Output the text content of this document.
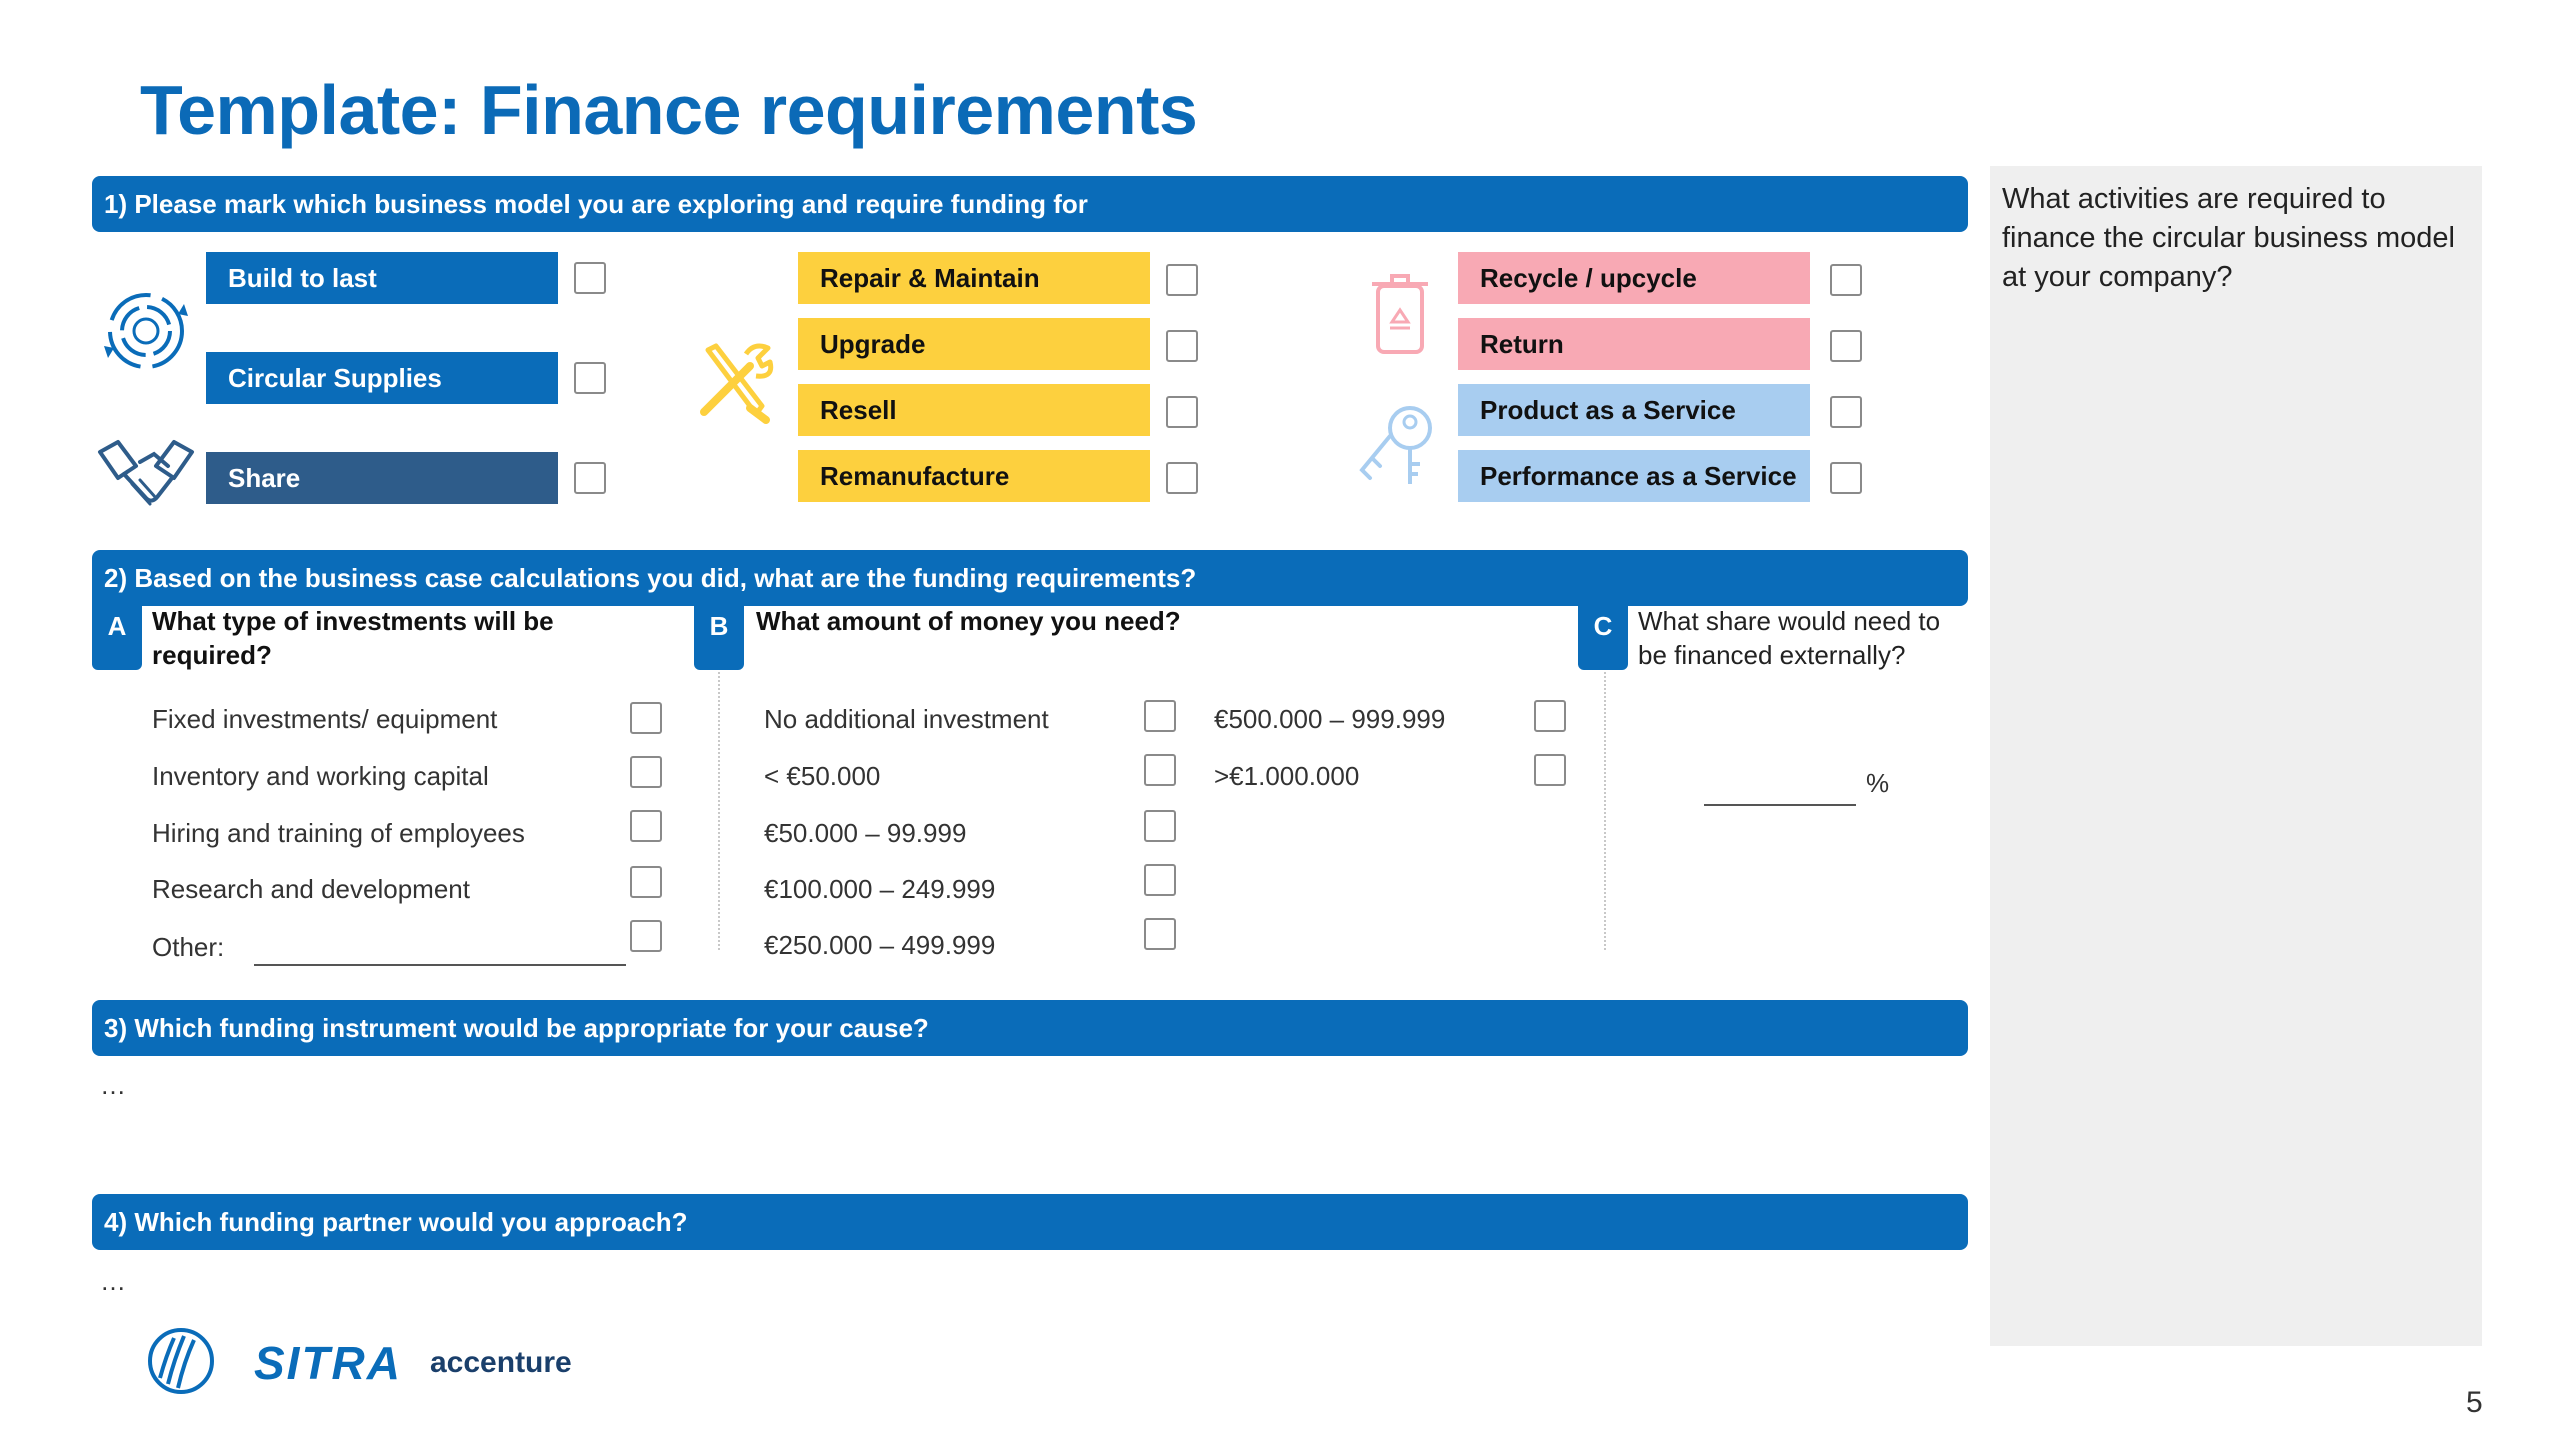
Template: Finance requirements
What activities are required to finance the circular business model at your company?
1) Please mark which business model you are exploring and require funding for
Build to last
Circular Supplies
Share
Repair & Maintain
Upgrade
Resell
Remanufacture
Recycle / upcycle
Return
Product as a Service
Performance as a Service
2) Based on the business case calculations you did, what are the funding requirements?
A What type of investments will be required?
Fixed investments/ equipment
Inventory and working capital
Hiring and training of employees
Research and development
Other:
B	What amount of money you need?
No additional investment
< €50.000
€50.000 – 99.999
€100.000 – 249.999
€250.000 – 499.999
€500.000 – 999.999
>€1.000.000
C What share would need to be financed externally?
%
3) Which funding instrument would be appropriate for your cause?
…
4) Which funding partner would you approach?
…
SITRA accenture
5
